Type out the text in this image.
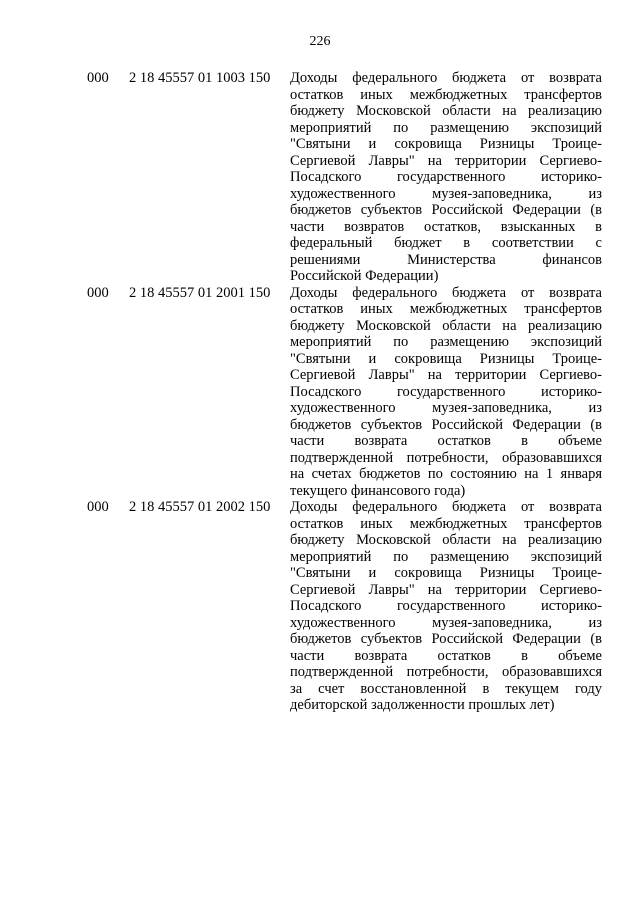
226
000	2 18 45557 01 1003 150	Доходы федерального бюджета от возврата
остатков иных межбюджетных трансфертов
бюджету Московской области на реализацию
мероприятий по размещению экспозиций
"Святыни и сокровища Ризницы Троице-
Сергиевой Лавры" на территории Сергиево-
Посадского государственного историко-
художественного музея-заповедника, из
бюджетов субъектов Российской Федерации (в
части возвратов остатков, взысканных в
федеральный бюджет в соответствии с
решениями Министерства финансов
Российской Федерации)
000	2 18 45557 01 2001 150	Доходы федерального бюджета от возврата
остатков иных межбюджетных трансфертов
бюджету Московской области на реализацию
мероприятий по размещению экспозиций
"Святыни и сокровища Ризницы Троице-
Сергиевой Лавры" на территории Сергиево-
Посадского государственного историко-
художественного музея-заповедника, из
бюджетов субъектов Российской Федерации (в
части возврата остатков в объеме
подтвержденной потребности, образовавшихся
на счетах бюджетов по состоянию на 1 января
текущего финансового года)
000	2 18 45557 01 2002 150	Доходы федерального бюджета от возврата
остатков иных межбюджетных трансфертов
бюджету Московской области на реализацию
мероприятий по размещению экспозиций
"Святыни и сокровища Ризницы Троице-
Сергиевой Лавры" на территории Сергиево-
Посадского государственного историко-
художественного музея-заповедника, из
бюджетов субъектов Российской Федерации (в
части возврата остатков в объеме
подтвержденной потребности, образовавшихся
за счет восстановленной в текущем году
дебиторской задолженности прошлых лет)
